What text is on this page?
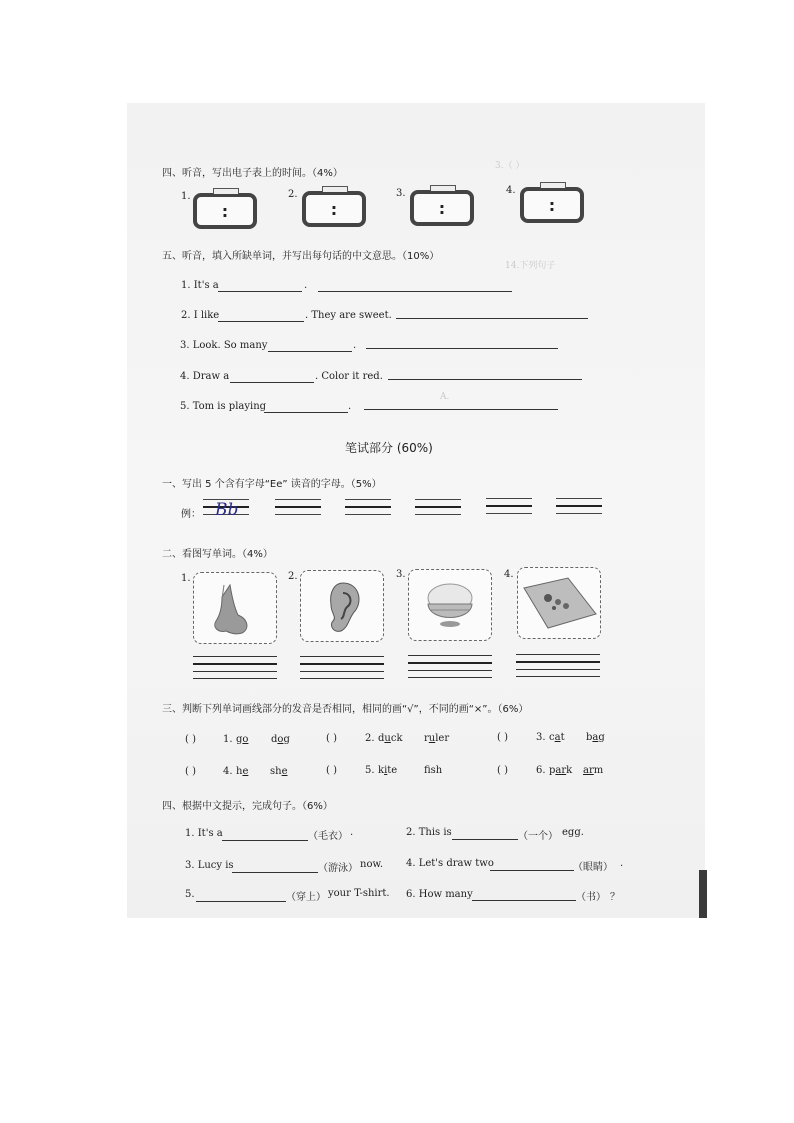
3.（ ）
14.下列句子
A.
四、听音，写出电子表上的时间。（4%）
1.
:
2.
:
3.
:
4.
:
五、听音，填入所缺单词，并写出每句话的中文意思。（10%）
1. It's a	.
2. I like	. They are sweet.
3. Look. So many	.
4. Draw a	. Color it red.
5. Tom is playing	.
笔试部分 (60%)
一、写出 5 个含有字母“Ee” 读音的字母。（5%）
例： Bb
二、看图写单词。（4%）
1.	2.	3.	4.
三、判断下列单词画线部分的发音是否相同，相同的画“√”，不同的画“×”。（6%）
( )	1. go dog	( )	2. duck ruler	( )	3. cat bag
( )	4. he she	( )	5. kite	fsh	( )	6. park arm
四、根据中文提示，完成句子。（6%）
1. It's a	（毛衣） .	2. This is	（一个） egg.
3. Lucy is	（游泳） now. 4. Let's draw two	（眼睛） .
5.	（穿上） your T-shirt. 6. How many	（书） ？
